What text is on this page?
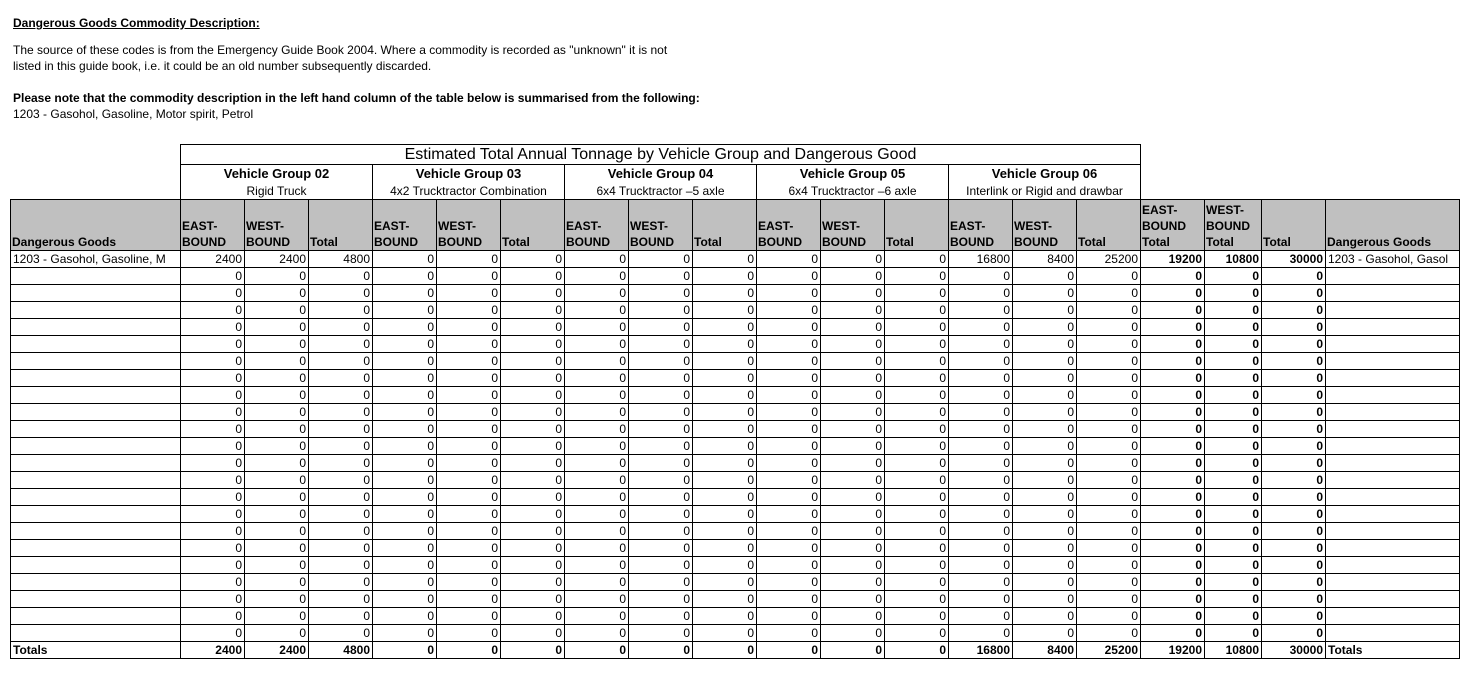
Dangerous Goods Commodity Description:

The source of these codes is from the Emergency Guide Book 2004. Where a commodity is recorded as "unknown" it is not
listed in this guide book, i.e. it could be an old number subsequently discarded.

Please note that the commodity description in the left hand column of the table below is summarised from the following:

1203 - Gasohol, Gasoline, Motor spirit, Petrol

	Estimated Total Annual Tonnage by Vehicle Group and Dangerous Good																		
	Vehicle Group 02			Vehicle Group 03			Vehicle Group 04			Vehicle Group 05			Vehicle Group 06						
	Rigid Truck			4x2 Trucktractor Combination			6x4 Trucktractor –5 axle			6x4 Trucktractor –6 axle			Interlink or Rigid and drawbar						
Dangerous Goods	EAST-
BOUND	WEST-
BOUND	Total	EAST-
BOUND	WEST-
BOUND	Total	EAST-
BOUND	WEST-
BOUND	Total	EAST-
BOUND	WEST-
BOUND	Total	EAST-
BOUND	WEST-
BOUND	Total	EAST-
BOUND
Total	WEST-
BOUND
Total	Total	Dangerous Goods
1203 - Gasohol, Gasoline, M	2400	2400	4800	0	0	0	0	0	0	0	0	0	16800	8400	25200	19200	10800	30000	1203 - Gasohol, Gasol
	0	0	0	0	0	0	0	0	0	0	0	0	0	0	0	0	0	0	
	0	0	0	0	0	0	0	0	0	0	0	0	0	0	0	0	0	0	
	0	0	0	0	0	0	0	0	0	0	0	0	0	0	0	0	0	0	
	0	0	0	0	0	0	0	0	0	0	0	0	0	0	0	0	0	0	
	0	0	0	0	0	0	0	0	0	0	0	0	0	0	0	0	0	0	
	0	0	0	0	0	0	0	0	0	0	0	0	0	0	0	0	0	0	
	0	0	0	0	0	0	0	0	0	0	0	0	0	0	0	0	0	0	
	0	0	0	0	0	0	0	0	0	0	0	0	0	0	0	0	0	0	
	0	0	0	0	0	0	0	0	0	0	0	0	0	0	0	0	0	0	
	0	0	0	0	0	0	0	0	0	0	0	0	0	0	0	0	0	0	
	0	0	0	0	0	0	0	0	0	0	0	0	0	0	0	0	0	0	
	0	0	0	0	0	0	0	0	0	0	0	0	0	0	0	0	0	0	
	0	0	0	0	0	0	0	0	0	0	0	0	0	0	0	0	0	0	
	0	0	0	0	0	0	0	0	0	0	0	0	0	0	0	0	0	0	
	0	0	0	0	0	0	0	0	0	0	0	0	0	0	0	0	0	0	
	0	0	0	0	0	0	0	0	0	0	0	0	0	0	0	0	0	0	
	0	0	0	0	0	0	0	0	0	0	0	0	0	0	0	0	0	0	
	0	0	0	0	0	0	0	0	0	0	0	0	0	0	0	0	0	0	
	0	0	0	0	0	0	0	0	0	0	0	0	0	0	0	0	0	0	
	0	0	0	0	0	0	0	0	0	0	0	0	0	0	0	0	0	0	
	0	0	0	0	0	0	0	0	0	0	0	0	0	0	0	0	0	0	
	0	0	0	0	0	0	0	0	0	0	0	0	0	0	0	0	0	0	
Totals	2400	2400	4800	0	0	0	0	0	0	0	0	0	16800	8400	25200	19200	10800	30000	Totals
